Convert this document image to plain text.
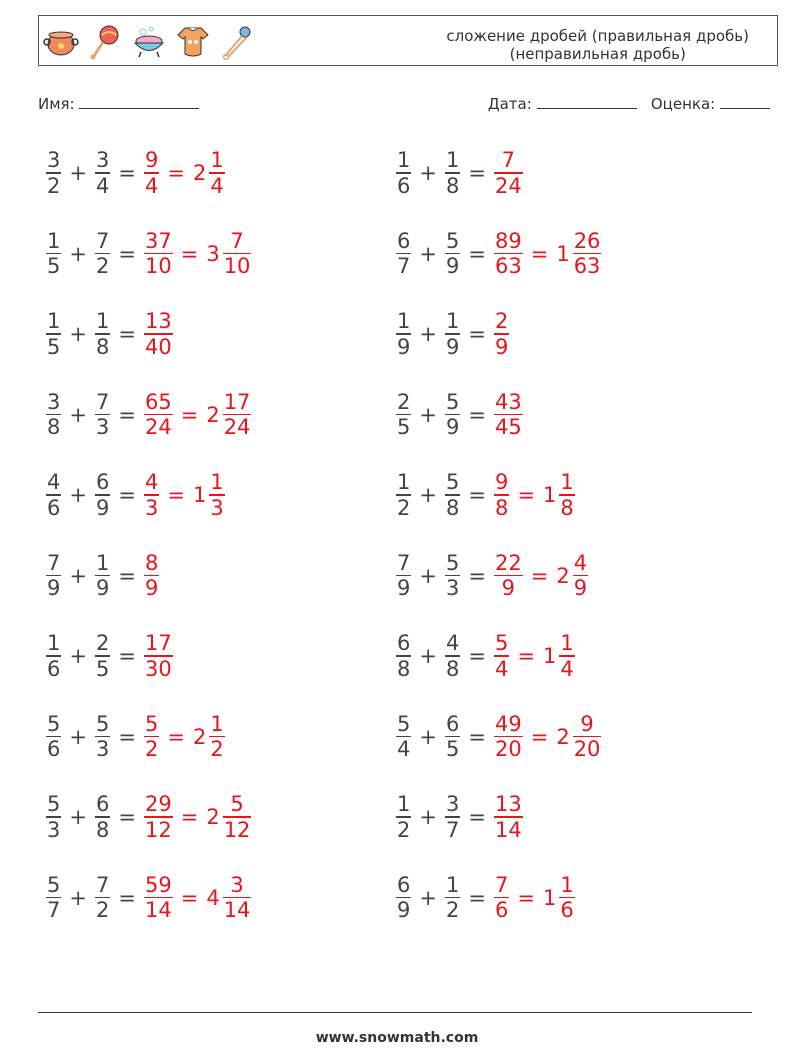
сложение дробей (правильная дробь)
(неправильная дробь)
Имя:	Дата:	Оценка:
$\frac{3}{2} + \frac{3}{4} = \frac{9}{4} = 2 \frac{1}{4}$	$\frac{1}{6} + \frac{1}{8} = \frac{7}{24}$
$\frac{1}{5} + \frac{7}{2} = \frac{37}{10} = 3 \frac{7}{10}$	$\frac{6}{7} + \frac{5}{9} = \frac{89}{63} = 1 \frac{26}{63}$
$\frac{1}{5} + \frac{1}{8} = \frac{13}{40}$	$\frac{1}{9} + \frac{1}{9} = \frac{2}{9}$
$\frac{3}{8} + \frac{7}{3} = \frac{65}{24} = 2 \frac{17}{24}$	$\frac{2}{5} + \frac{5}{9} = \frac{43}{45}$
$\frac{4}{6} + \frac{6}{9} = \frac{4}{3} = 1 \frac{1}{3}$	$\frac{1}{2} + \frac{5}{8} = \frac{9}{8} = 1 \frac{1}{8}$
$\frac{7}{9} + \frac{1}{9} = \frac{8}{9}$	$\frac{7}{9} + \frac{5}{3} = \frac{22}{9} = 2 \frac{4}{9}$
$\frac{1}{6} + \frac{2}{5} = \frac{17}{30}$	$\frac{6}{8} + \frac{4}{8} = \frac{5}{4} = 1 \frac{1}{4}$
$\frac{5}{6} + \frac{5}{3} = \frac{5}{2} = 2 \frac{1}{2}$	$\frac{5}{4} + \frac{6}{5} = \frac{49}{20} = 2 \frac{9}{20}$
$\frac{5}{3} + \frac{6}{8} = \frac{29}{12} = 2 \frac{5}{12}$	$\frac{1}{2} + \frac{3}{7} = \frac{13}{14}$
$\frac{5}{7} + \frac{7}{2} = \frac{59}{14} = 4 \frac{3}{14}$	$\frac{6}{9} + \frac{1}{2} = \frac{7}{6} = 1 \frac{1}{6}$
www.snowmath.com
